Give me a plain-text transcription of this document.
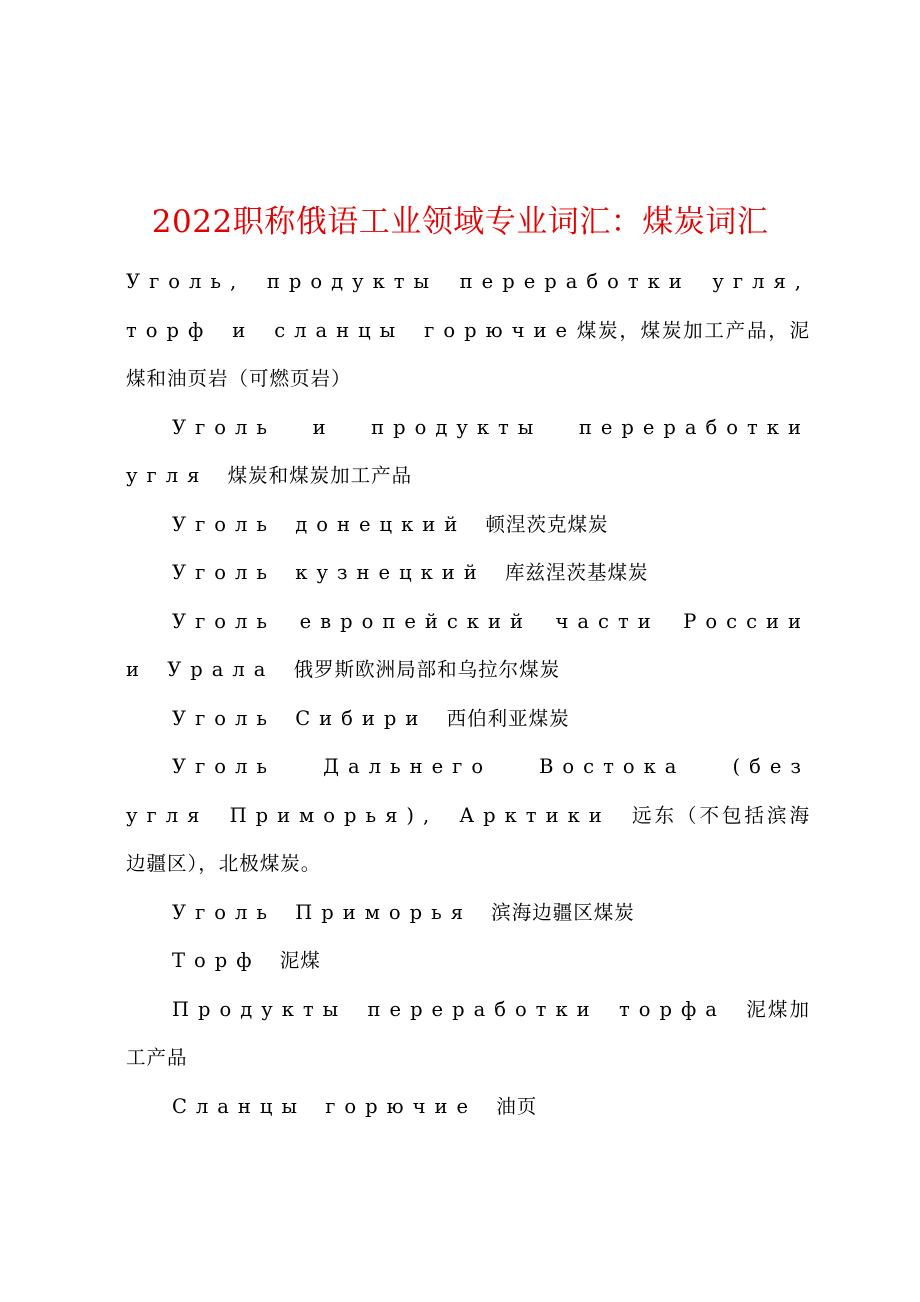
2022职称俄语工业领域专业词汇：煤炭词汇

Уголь, продукты переработки угля, торф и сланцы горючие煤炭，煤炭加工产品，泥煤和油页岩（可燃页岩）

Уголь и продукты переработки угля 煤炭和煤炭加工产品

Уголь донецкий 顿涅茨克煤炭

Уголь кузнецкий 库兹涅茨基煤炭

Уголь европейский части России и Урала 俄罗斯欧洲局部和乌拉尔煤炭

Уголь Сибири 西伯利亚煤炭

Уголь Дальнего Востока (без угля Приморья), Арктики 远东（不包括滨海边疆区），北极煤炭。

Уголь Приморья 滨海边疆区煤炭

Торф 泥煤

Продукты переработки торфа 泥煤加工产品

Сланцы горючие 油页
